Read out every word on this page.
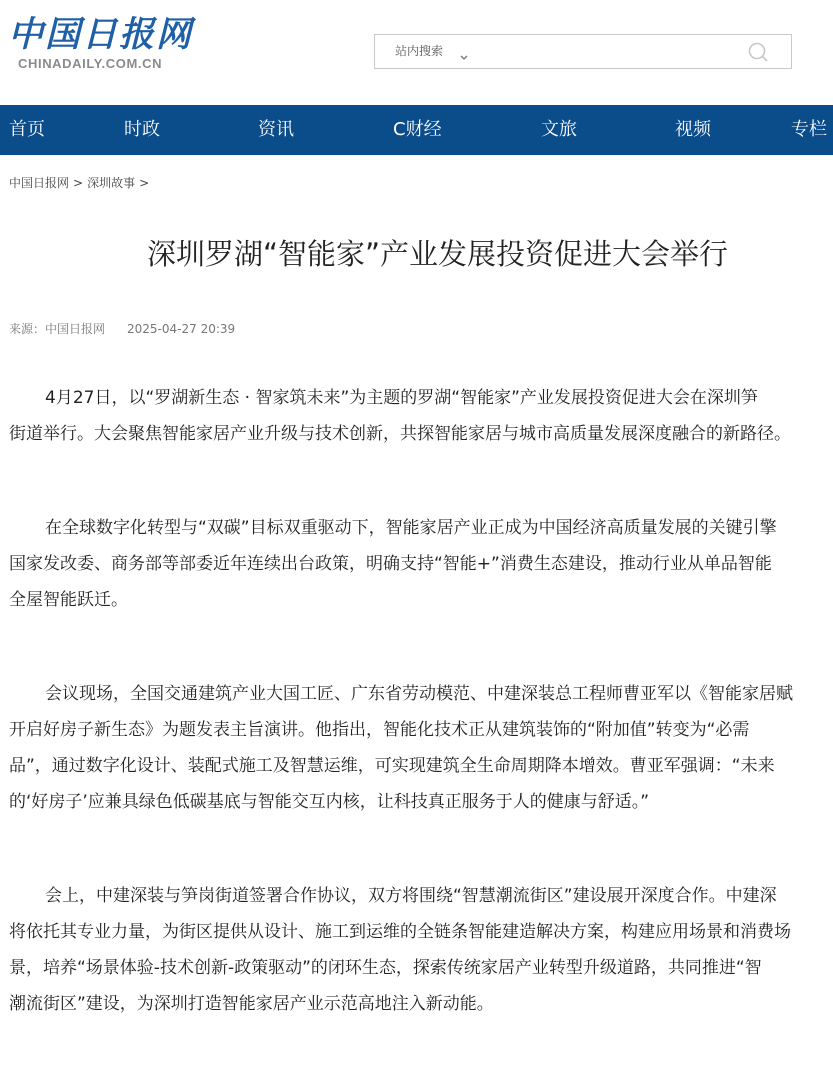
中国日报网
CHINADAILY.COM.CN
站内搜索
首页	时政	资讯	C财经	文旅	视频	专栏
中国日报网 > 深圳故事 >
深圳罗湖“智能家”产业发展投资促进大会举行
来源：中国日报网 2025-04-27 20:39

4月27日，以“罗湖新生态 · 智家筑未来”为主题的罗湖“智能家”产业发展投资促进大会在深圳笋
街道举行。大会聚焦智能家居产业升级与技术创新，共探智能家居与城市高质量发展深度融合的新路径。

在全球数字化转型与“双碳”目标双重驱动下，智能家居产业正成为中国经济高质量发展的关键引擎
国家发改委、商务部等部委近年连续出台政策，明确支持“智能+”消费生态建设，推动行业从单品智能
全屋智能跃迁。

会议现场，全国交通建筑产业大国工匠、广东省劳动模范、中建深装总工程师曹亚军以《智能家居赋
开启好房子新生态》为题发表主旨演讲。他指出，智能化技术正从建筑装饰的“附加值”转变为“必需
品”，通过数字化设计、装配式施工及智慧运维，可实现建筑全生命周期降本增效。曹亚军强调：“未来
的‘好房子’应兼具绿色低碳基底与智能交互内核，让科技真正服务于人的健康与舒适。”

会上，中建深装与笋岗街道签署合作协议，双方将围绕“智慧潮流街区”建设展开深度合作。中建深
将依托其专业力量，为街区提供从设计、施工到运维的全链条智能建造解决方案，构建应用场景和消费场
景，培养“场景体验-技术创新-政策驱动”的闭环生态，探索传统家居产业转型升级道路，共同推进“智
潮流街区”建设，为深圳打造智能家居产业示范高地注入新动能。
